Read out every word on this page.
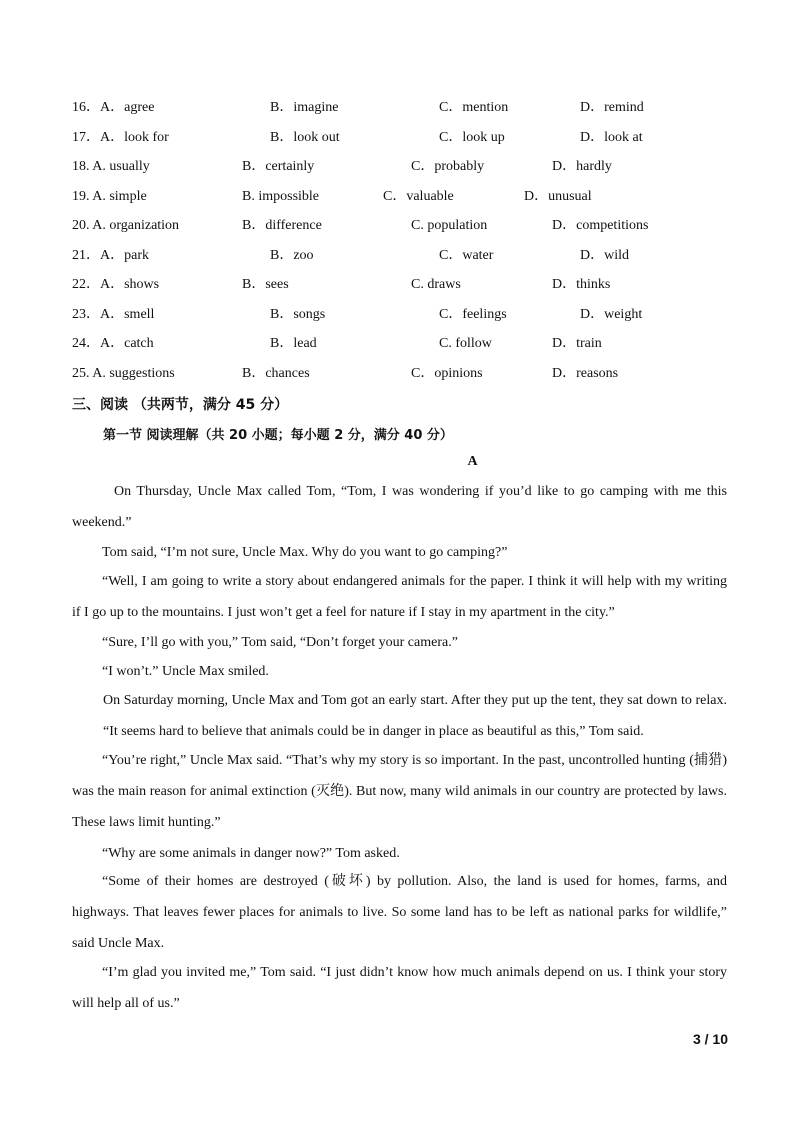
16．A．agree	B．imagine	C．mention	D．remind
17．A．look for	B．look out	C．look up	D．look at
18. A. usually	B．certainly	C．probably	D．hardly
19. A. simple	B. impossible	C．valuable	D．unusual
20. A. organization	B．difference	C. population	D．competitions
21．A．park	B．zoo	C．water	D．wild
22．A．shows	B．sees	C. draws	D．thinks
23．A．smell	B．songs	C．feelings	D．weight
24．A．catch	B．lead	C. follow	D．train
25. A. suggestions	B．chances	C．opinions	D．reasons
三、阅读 （共两节，满分 45 分）
第一节 阅读理解（共 20 小题；每小题 2 分，满分 40 分）
A
On Thursday, Uncle Max called Tom, “Tom, I was wondering if you’d like to go camping with me this weekend.”
Tom said, “I’m not sure, Uncle Max. Why do you want to go camping?”
“Well, I am going to write a story about endangered animals for the paper. I think it will help with my writing if I go up to the mountains. I just won’t get a feel for nature if I stay in my apartment in the city.”
“Sure, I’ll go with you,” Tom said, “Don’t forget your camera.”
“I won’t.” Uncle Max smiled.
On Saturday morning, Uncle Max and Tom got an early start. After they put up the tent, they sat down to relax. “It seems hard to believe that animals could be in danger in place as beautiful as this,” Tom said.
“You’re right,” Uncle Max said. “That’s why my story is so important. In the past, uncontrolled hunting (捕猎) was the main reason for animal extinction (灭绝). But now, many wild animals in our country are protected by laws. These laws limit hunting.”
“Why are some animals in danger now?” Tom asked.
“Some of their homes are destroyed (破坏) by pollution. Also, the land is used for homes, farms, and highways. That leaves fewer places for animals to live. So some land has to be left as national parks for wildlife,” said Uncle Max.
“I’m glad you invited me,” Tom said. “I just didn’t know how much animals depend on us. I think your story will help all of us.”
3 / 10
